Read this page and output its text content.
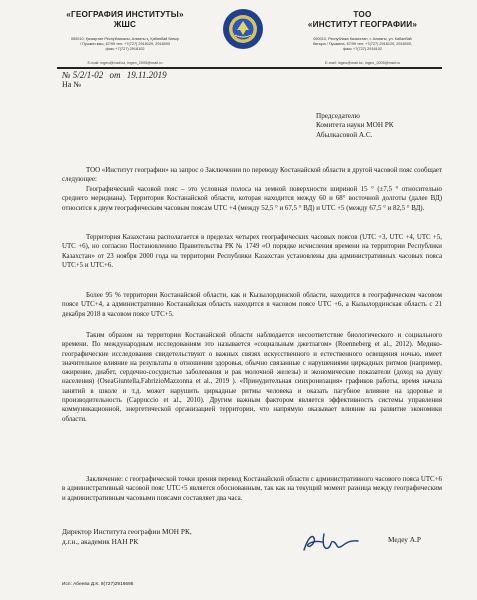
«ГЕОГРАФИЯ ИНСТИТУТЫ»
ЖШС
050010, Қазақстан Республикасы, Алматы қ, Қабанбай батыр
/ Пушкин көш, 67/99 тел: +7(727) 2918129, 2918000
факс +7(727) 2918102
E-mail: ingeo@mail.kz, ingeo_2005@mail.ru
ТОО
«ИНСТИТУТ ГЕОГРАФИИ»
050010, Республика Казахстан, г. Алматы, ул. Кабанбай
батыра / Пушкина, 67/99 тел: +7(727) 2918129, 2918000,
факс +7(727) 2918102
E-mail: ingeo@mail.kz, ingeo_2005@mail.ru
№ 5/2/1-02 от 19.11.2019
На №
Председателю
Комитета науки МОН РК
Абылкасовой А.С.

ТОО «Институт географии» на запрос о Заключении по переводу Костанайской области в другой часовой пояс сообщает следующее:

Географический часовой пояс – это условная полоса на земной поверхности шириной 15 ° (±7,5 ° относительно среднего меридиана). Территория Костанайской области, которая находится между 60 и 68° восточной долготы (далее ВД) относится к двум географическим часовым поясам UTC +4 (между 52,5 ° и 67,5 ° ВД) и UTC +5 (между 67,5 ° и 82,5 ° ВД).

Территория Казахстана располагается в пределах четырех географических часовых поясов (UTC +3, UTC +4, UTC +5, UTC +6), но согласно Постановлению Правительства РК № 1749 «О порядке исчисления времени на территории Республики Казахстан» от 23 ноября 2000 года на территории Республики Казахстан установлены два административных часовых пояса UTC+5 и UTC+6.

Более 95 % территории Костанайской области, как и Кызылординской области, находится в географическом часовом поясе UTC+4, а административно Костанайская область находится в часовом поясе UTC +6, а Кызылординская область с 21 декабря 2018 в часовом поясе UTC+5.

Таким образом на территории Костанайской области наблюдается несоответствие биологического и социального времени. По международным исследованиям это называется «социальным джетлагом» (Roenneberg et al., 2012). Медико-географические исследования свидетельствуют о важных связях искусственного и естественного освещения ночью, имеет значительное влияние на результаты в отношении здоровья, обычно связанные с нарушениями циркадных ритмов (например, ожирение, диабет, сердечно-сосудистые заболевания и рак молочной железы) и экономические показатели (доход на душу населения) (OseaGiuntella,FabrizioMazzonna et al., 2019 ). «Принудительная синхронизация» графиков работы, время начала занятий в школе и т.д. может нарушить циркадные ритмы человека и оказать пагубное влияние на здоровье и производительность (Cappuccio et al., 2010). Другим важным фактором является эффективность системы управления коммуникационной, энергетической организацией территории, что напрямую оказывает влияние на развитие экономики области.

Заключение: с географической точки зрения перевод Костанайской области с административного часового пояса UTC+6 в административный часовой пояс UTC+5 является обоснованным, так как на текущий момент разница между географическим и административным часовыми поясами составляет два часа.

Директор Института географии МОН РК,
д.г.н., академик НАН РК	Медеу А.Р
Исп: Абеева Д.К. 8(727)2916695
